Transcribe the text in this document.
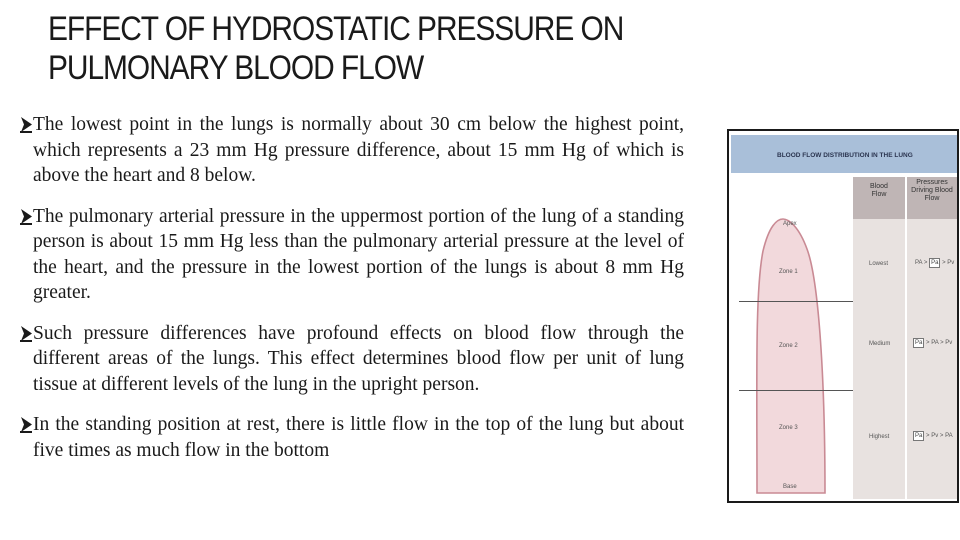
EFFECT OF HYDROSTATIC PRESSURE ON
PULMONARY BLOOD FLOW
The lowest point in the lungs is normally about 30 cm below the highest point, which represents a 23 mm Hg pressure difference, about 15 mm Hg of which is above the heart and 8 below.
The pulmonary arterial pressure in the uppermost portion of the lung of a standing person is about 15 mm Hg less than the pulmonary arterial pressure at the level of the heart, and the pressure in the lowest portion of the lungs is about 8 mm Hg greater.
Such pressure differences have profound effects on blood flow through the different areas of the lungs. This effect determines blood flow per unit of lung tissue at different levels of the lung in the upright person.
In the standing position at rest, there is little flow in the top of the lung but about five times as much flow in the bottom
BLOOD FLOW DISTRIBUTION IN THE LUNG
Blood
Flow
Pressures
Driving Blood
Flow
Apex
Base
Zone 1
Zone 2
Zone 3
Lowest
Medium
Highest
PA > Pa > Pv
Pa > PA > Pv
Pa > Pv > PA
